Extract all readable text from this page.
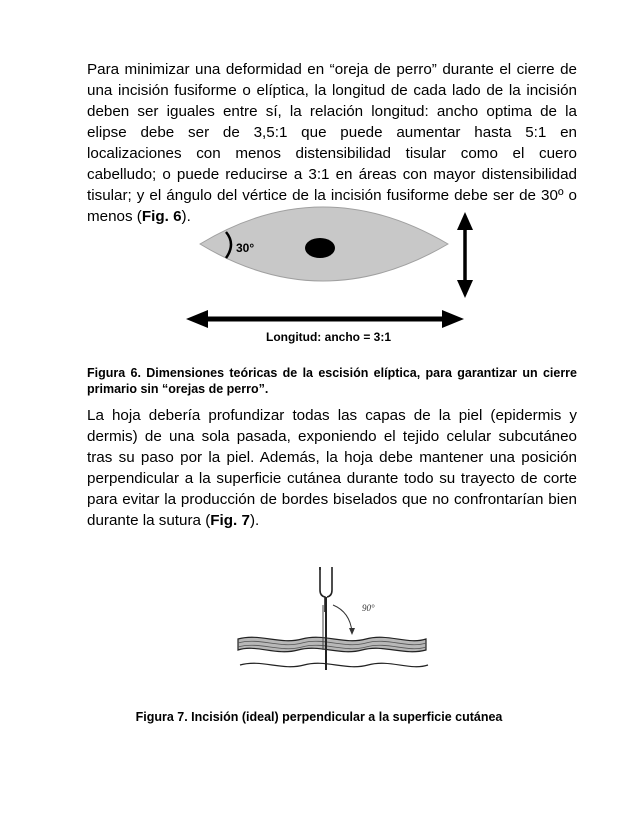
Para minimizar una deformidad en “oreja de perro” durante el cierre de una incisión fusiforme o elíptica, la longitud de cada lado de la incisión deben ser iguales entre sí, la relación longitud: ancho optima de la elipse debe ser de 3,5:1 que puede aumentar hasta 5:1 en localizaciones con menos distensibilidad tisular como el cuero cabelludo; o puede reducirse a 3:1 en áreas con mayor distensibilidad tisular; y el ángulo del vértice de la incisión fusiforme debe ser de 30º o menos (Fig. 6).

30°
Longitud: ancho = 3:1
90°

Figura 6. Dimensiones teóricas de la escisión elíptica, para garantizar un cierre primario sin “orejas de perro”.

La hoja debería profundizar todas las capas de la piel (epidermis y dermis) de una sola pasada, exponiendo el tejido celular subcutáneo tras su paso por la piel. Además, la hoja debe mantener una posición perpendicular a la superficie cutánea durante todo su trayecto de corte para evitar la producción de bordes biselados que no confrontarían bien durante la sutura (Fig. 7).

Figura 7. Incisión (ideal) perpendicular a la superficie cutánea
